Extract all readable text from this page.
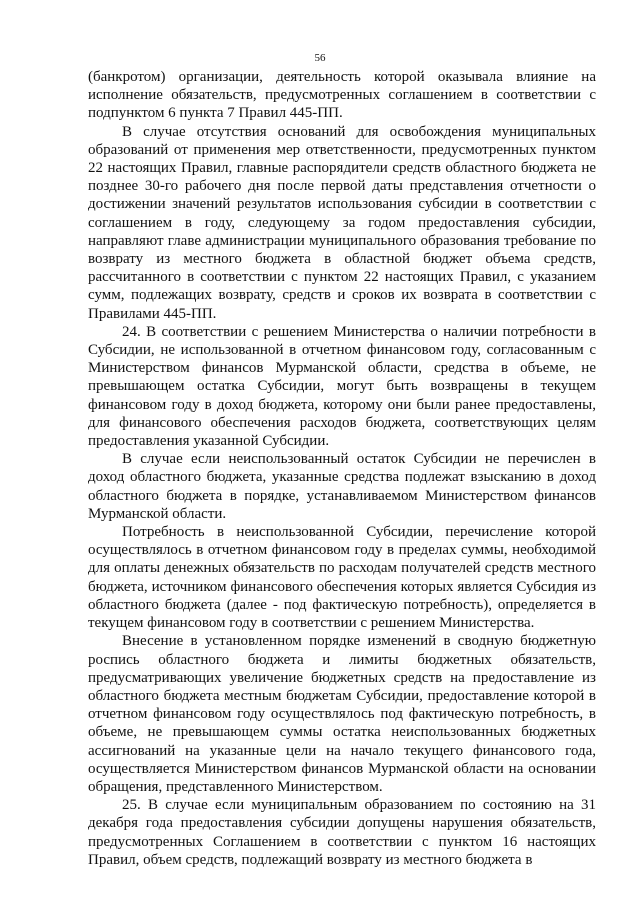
56

(банкротом) организации, деятельность которой оказывала влияние на исполнение обязательств, предусмотренных соглашением в соответствии с подпунктом 6 пункта 7 Правил 445-ПП.

В случае отсутствия оснований для освобождения муниципальных образований от применения мер ответственности, предусмотренных пунктом 22 настоящих Правил, главные распорядители средств областного бюджета не позднее 30-го рабочего дня после первой даты представления отчетности о достижении значений результатов использования субсидии в соответствии с соглашением в году, следующему за годом предоставления субсидии, направляют главе администрации муниципального образования требование по возврату из местного бюджета в областной бюджет объема средств, рассчитанного в соответствии с пунктом 22 настоящих Правил, с указанием сумм, подлежащих возврату, средств и сроков их возврата в соответствии с Правилами 445-ПП.

24. В соответствии с решением Министерства о наличии потребности в Субсидии, не использованной в отчетном финансовом году, согласованным с Министерством финансов Мурманской области, средства в объеме, не превышающем остатка Субсидии, могут быть возвращены в текущем финансовом году в доход бюджета, которому они были ранее предоставлены, для финансового обеспечения расходов бюджета, соответствующих целям предоставления указанной Субсидии.

В случае если неиспользованный остаток Субсидии не перечислен в доход областного бюджета, указанные средства подлежат взысканию в доход областного бюджета в порядке, устанавливаемом Министерством финансов Мурманской области.

Потребность в неиспользованной Субсидии, перечисление которой осуществлялось в отчетном финансовом году в пределах суммы, необходимой для оплаты денежных обязательств по расходам получателей средств местного бюджета, источником финансового обеспечения которых является Субсидия из областного бюджета (далее - под фактическую потребность), определяется в текущем финансовом году в соответствии с решением Министерства.

Внесение в установленном порядке изменений в сводную бюджетную роспись областного бюджета и лимиты бюджетных обязательств, предусматривающих увеличение бюджетных средств на предоставление из областного бюджета местным бюджетам Субсидии, предоставление которой в отчетном финансовом году осуществлялось под фактическую потребность, в объеме, не превышающем суммы остатка неиспользованных бюджетных ассигнований на указанные цели на начало текущего финансового года, осуществляется Министерством финансов Мурманской области на основании обращения, представленного Министерством.

25. В случае если муниципальным образованием по состоянию на 31 декабря года предоставления субсидии допущены нарушения обязательств, предусмотренных Соглашением в соответствии с пунктом 16 настоящих Правил, объем средств, подлежащий возврату из местного бюджета в
